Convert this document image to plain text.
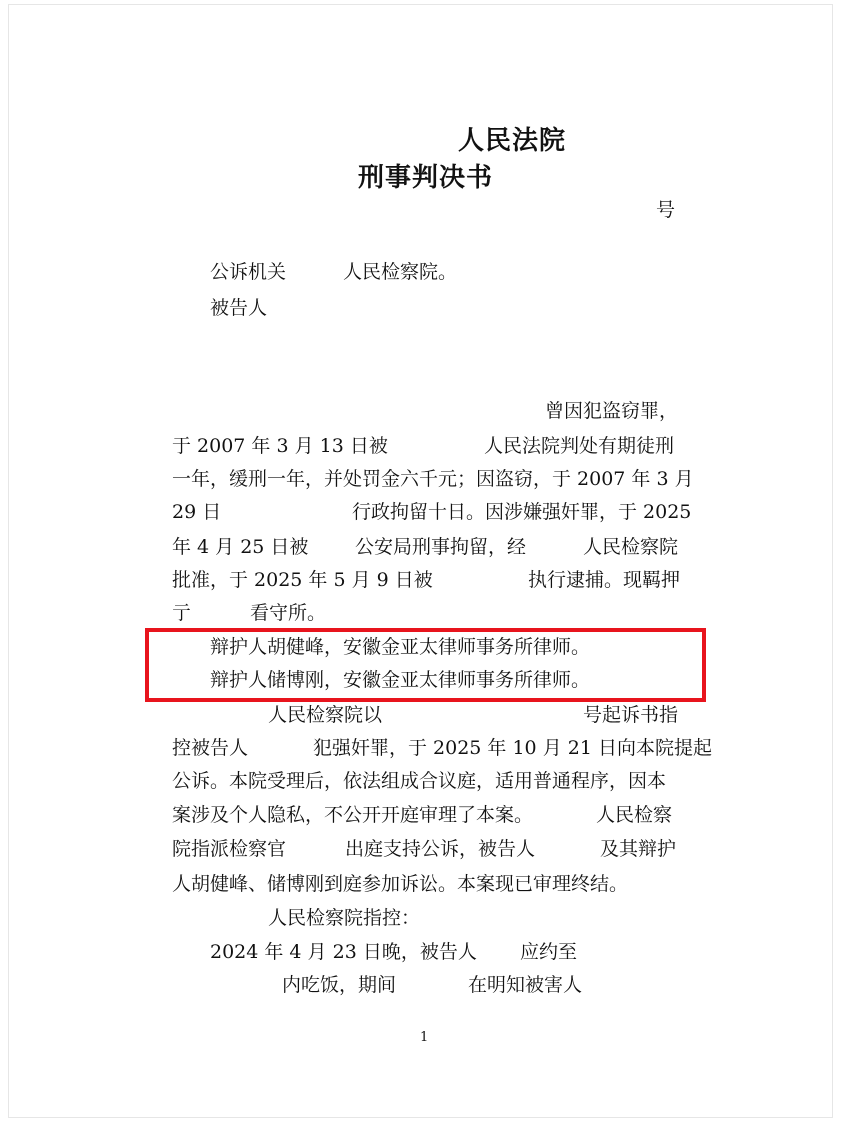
人民法院
刑事判决书
号
公诉机关	人民检察院。
被告人
曾因犯盗窃罪，
于 2007 年 3 月 13 日被	人民法院判处有期徒刑
一年，缓刑一年，并处罚金六千元；因盗窃，于 2007 年 3 月
29 日	行政拘留十日。因涉嫌强奸罪，于 2025
年 4 月 25 日被 公安局刑事拘留，经	人民检察院
批准，于 2025 年 5 月 9 日被	执行逮捕。现羁押
亍	看守所。
辩护人胡健峰，安徽金亚太律师事务所律师。
辩护人储博刚，安徽金亚太律师事务所律师。
人民检察院以	号起诉书指
控被告人	犯强奸罪，于 2025 年 10 月 21 日向本院提起
公诉。本院受理后，依法组成合议庭，适用普通程序，因本
案涉及个人隐私，不公开开庭审理了本案。	人民检察
院指派检察官	出庭支持公诉，被告人	及其辩护
人胡健峰、储博刚到庭参加诉讼。本案现已审理终结。
人民检察院指控：
2024 年 4 月 23 日晚，被告人 应约至
内吃饭，期间	在明知被害人
1
